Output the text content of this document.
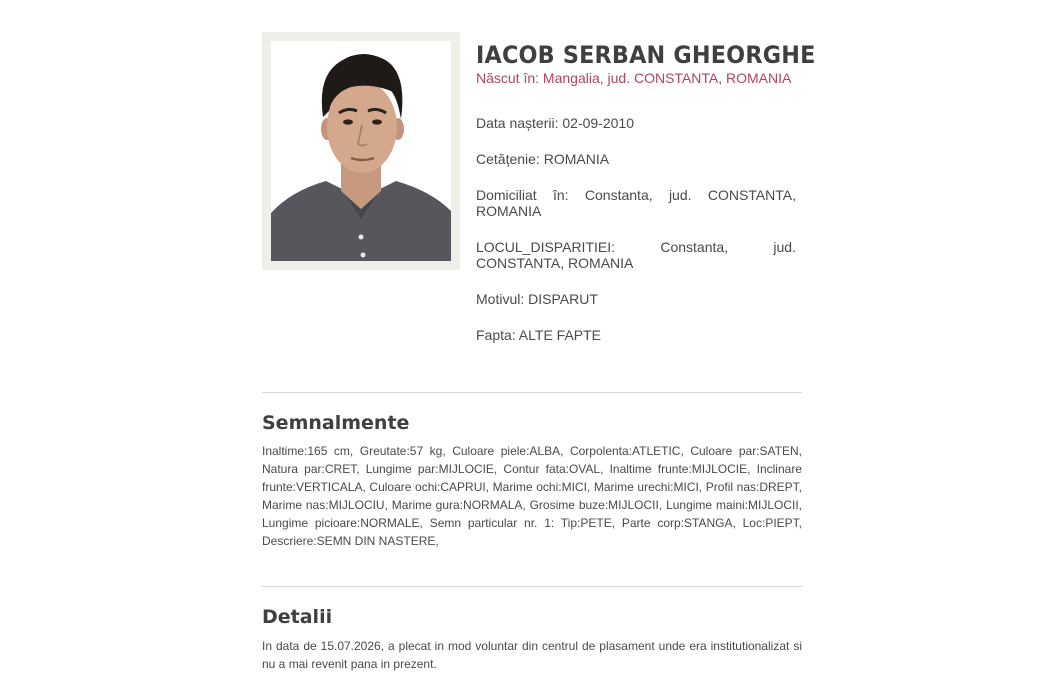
IACOB SERBAN GHEORGHE
Născut în: Mangalia, jud. CONSTANTA, ROMANIA
Data nașterii: 02-09-2010
Cetățenie: ROMANIA
Domiciliat în: Constanta, jud. CONSTANTA, ROMANIA
LOCUL_DISPARITIEI: Constanta, jud. CONSTANTA, ROMANIA
Motivul: DISPARUT
Fapta: ALTE FAPTE
Semnalmente
Inaltime:165 cm, Greutate:57 kg, Culoare piele:ALBA, Corpolenta:ATLETIC, Culoare par:SATEN, Natura par:CRET, Lungime par:MIJLOCIE, Contur fata:OVAL, Inaltime frunte:MIJLOCIE, Inclinare frunte:VERTICALA, Culoare ochi:CAPRUI, Marime ochi:MICI, Marime urechi:MICI, Profil nas:DREPT, Marime nas:MIJLOCIU, Marime gura:NORMALA, Grosime buze:MIJLOCII, Lungime maini:MIJLOCII, Lungime picioare:NORMALE, Semn particular nr. 1: Tip:PETE, Parte corp:STANGA, Loc:PIEPT, Descriere:SEMN DIN NASTERE,
Detalii
In data de 15.07.2026, a plecat in mod voluntar din centrul de plasament unde era institutionalizat si nu a mai revenit pana in prezent.
